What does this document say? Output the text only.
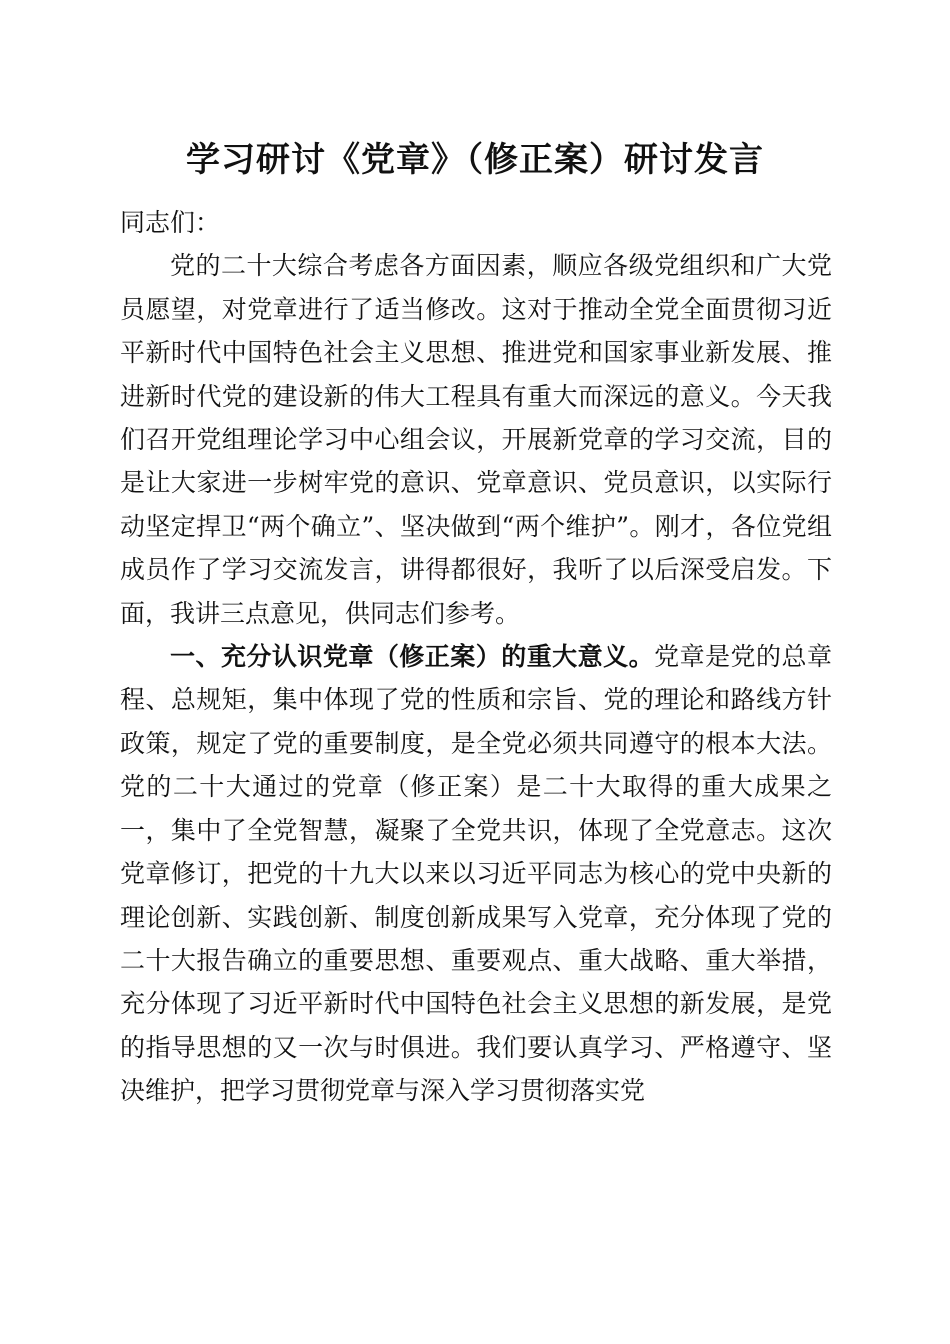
学习研讨《党章》（修正案）研讨发言

同志们：

党的二十大综合考虑各方面因素，顺应各级党组织和广大党员愿望，对党章进行了适当修改。这对于推动全党全面贯彻习近平新时代中国特色社会主义思想、推进党和国家事业新发展、推进新时代党的建设新的伟大工程具有重大而深远的意义。今天我们召开党组理论学习中心组会议，开展新党章的学习交流，目的是让大家进一步树牢党的意识、党章意识、党员意识，以实际行动坚定捍卫“两个确立”、坚决做到“两个维护”。刚才，各位党组成员作了学习交流发言，讲得都很好，我听了以后深受启发。下面，我讲三点意见，供同志们参考。

一、充分认识党章（修正案）的重大意义。党章是党的总章程、总规矩，集中体现了党的性质和宗旨、党的理论和路线方针政策，规定了党的重要制度，是全党必须共同遵守的根本大法。党的二十大通过的党章（修正案）是二十大取得的重大成果之一，集中了全党智慧，凝聚了全党共识，体现了全党意志。这次党章修订，把党的十九大以来以习近平同志为核心的党中央新的理论创新、实践创新、制度创新成果写入党章，充分体现了党的二十大报告确立的重要思想、重要观点、重大战略、重大举措，充分体现了习近平新时代中国特色社会主义思想的新发展，是党的指导思想的又一次与时俱进。我们要认真学习、严格遵守、坚决维护，把学习贯彻党章与深入学习贯彻落实党
